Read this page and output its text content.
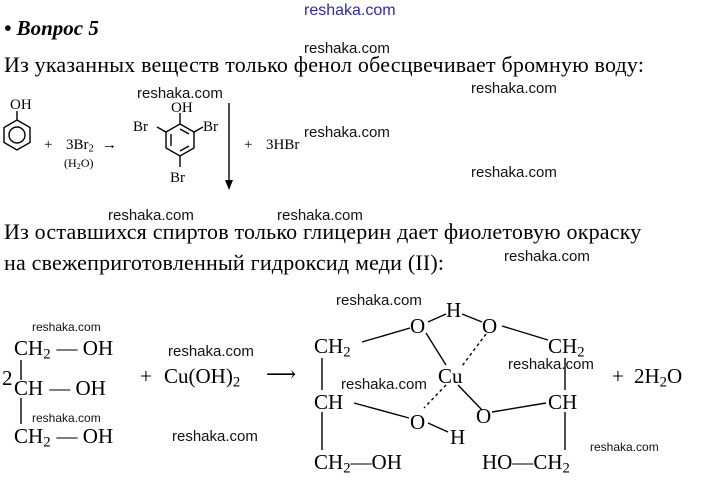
reshaka.com
reshaka.com
reshaka.com	reshaka.com
reshaka.com
reshaka.com
reshaka.com	reshaka.com
reshaka.com
reshaka.com
reshaka.com
reshaka.com
reshaka.com
reshaka.com
reshaka.com
reshaka.com
reshaka.com
• Вопрос 5
Из указанных веществ только фенол обесцвечивает бромную воду:
Из оставшихся спиртов только глицерин дает фиолетовую окраску
на свежеприготовленный гидроксид меди (II):
OH
+ $3Br_2$ →
$(H_2O)$
OH
Br	Br
Br
+ 3HBr
2
$CH_2$ — OH
CH — OH
$CH_2$ — OH
+ $Cu(OH)_2$ ⟶
$CH_2$
CH
$CH_2—OH$
O
H
O
Cu
O
H
O
$CH_2$
CH
$HO—CH_2$
+ $2H_2O$
